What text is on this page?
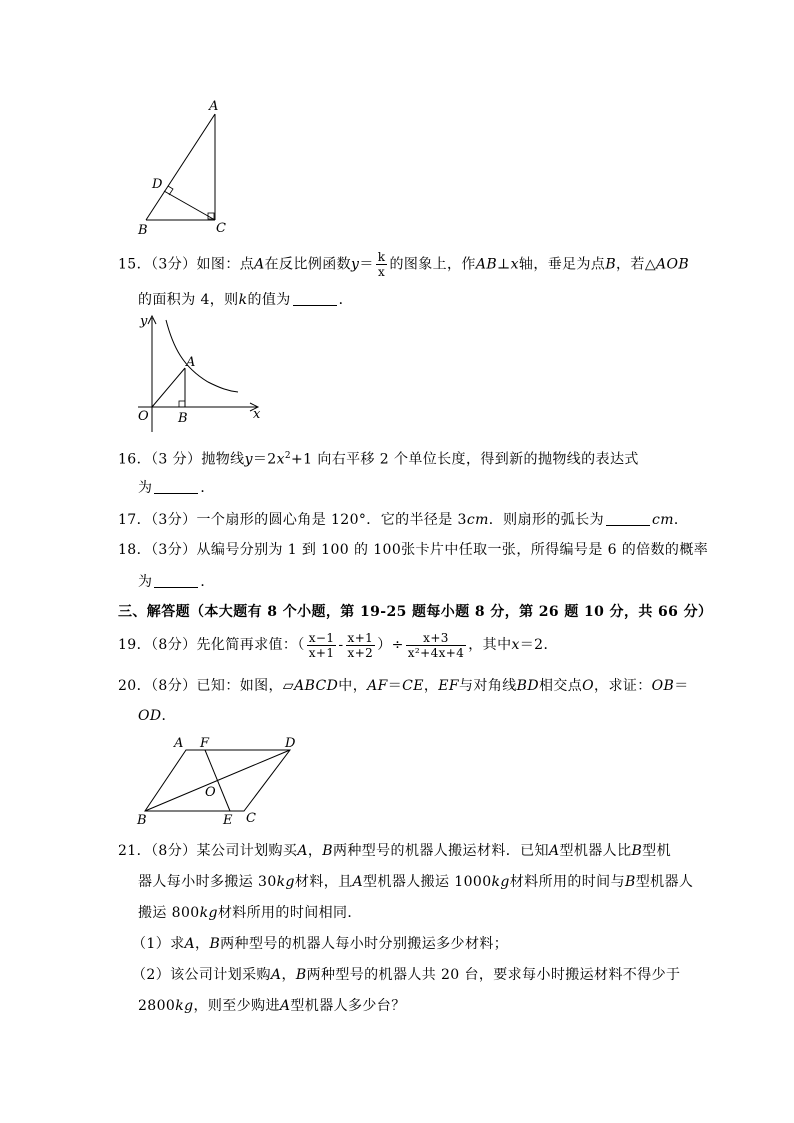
A
D
B	C
15．（3分）如图：点A在反比例函数$y= \frac{k}{x}$ 的图象上，作AB⊥x轴，垂足为点B，若△AOB
的面积为 4，则k的值为	．
y
x
O
A
B
16．（3 分）抛物线$y=2x^2+1$ 向右平移 2 个单位长度，得到新的抛物线的表达式
为	．
17．（3分）一个扇形的圆心角是 120°．它的半径是 3cm．则扇形的弧长为	cm．
18．（3分）从编号分别为 1 到 100 的 100张卡片中任取一张，所得编号是 6 的倍数的概率
为	．
三、解答题（本大题有 8 个小题，第 19-25 题每小题 8 分，第 26 题 10 分，共 66 分）
19．（8分）先化简再求值：（ $\frac{x-1}{x+1} - \frac{x+1}{x+2}$ ）÷ $\frac{x+3}{\text{x²+4x+4}}$ ，其中x＝2．
20．（8分）已知：如图，▱ABCD中，AF＝CE，EF与对角线BD相交点O，求证：OB＝
OD．
A F	D
O
B	E C
21．（8分）某公司计划购买A，B两种型号的机器人搬运材料．已知A型机器人比B型机
器人每小时多搬运 30kg材料，且A型机器人搬运 1000kg材料所用的时间与B型机器人
搬运 800kg材料所用的时间相同．
（1）求A，B两种型号的机器人每小时分别搬运多少材料；
（2）该公司计划采购A，B两种型号的机器人共 20 台，要求每小时搬运材料不得少于
2800kg，则至少购进A型机器人多少台？
